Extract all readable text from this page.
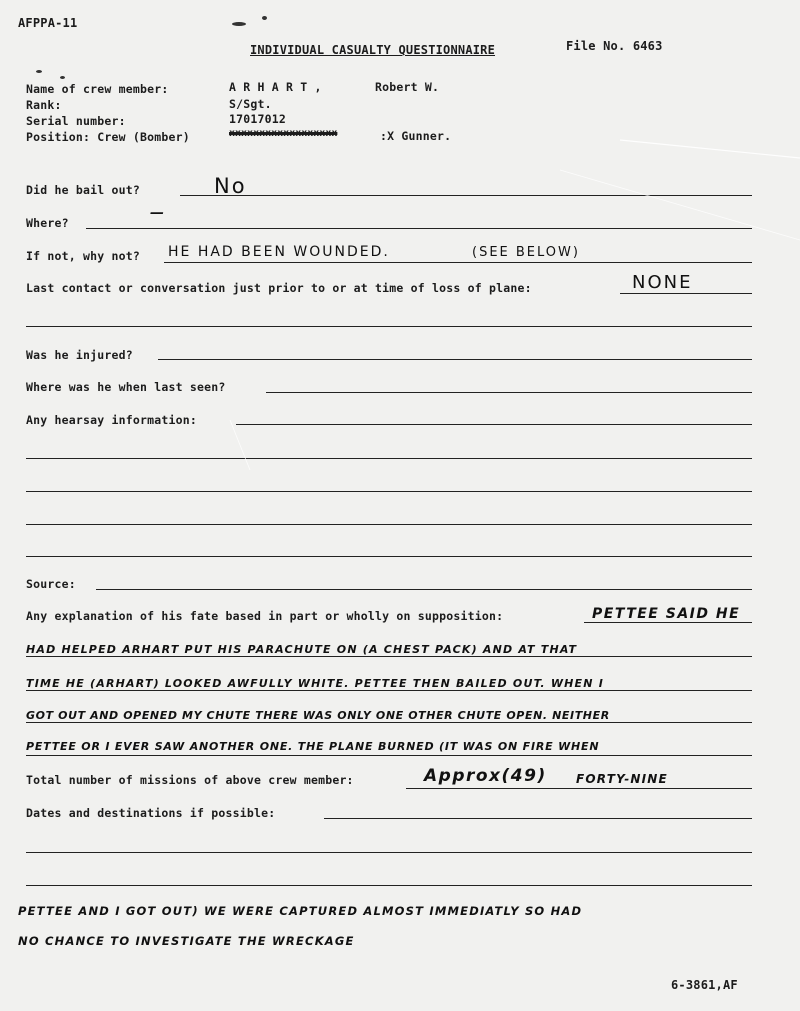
AFPPA-11
INDIVIDUAL CASUALTY QUESTIONNAIRE	File No. 6463
Name of crew member:	A R H A R T ,	Robert W.
Rank:	S/Sgt.
Serial number:	17017012
Position: Crew (Bomber)	xxxxxxxxxxxxxxxxxx	:X Gunner.
Did he bail out?	No
Where?
—
If not, why not? HE HAD BEEN WOUNDED.	(SEE BELOW)
Last contact or conversation just prior to or at time of loss of plane:	NONE
Was he injured?
Where was he when last seen?
Any hearsay information:
Source:
Any explanation of his fate based in part or wholly on supposition:	PETTEE SAID HE
HAD HELPED ARHART PUT HIS PARACHUTE ON (A CHEST PACK) AND AT THAT
TIME HE (ARHART) LOOKED AWFULLY WHITE. PETTEE THEN BAILED OUT. WHEN I
GOT OUT AND OPENED MY CHUTE THERE WAS ONLY ONE OTHER CHUTE OPEN. NEITHER
PETTEE OR I EVER SAW ANOTHER ONE. THE PLANE BURNED (IT WAS ON FIRE WHEN
Total number of missions of above crew member:	Approx(49) FORTY-NINE
Dates and destinations if possible:
PETTEE AND I GOT OUT) WE WERE CAPTURED ALMOST IMMEDIATLY SO HAD
NO CHANCE TO INVESTIGATE THE WRECKAGE
6-3861,AF
